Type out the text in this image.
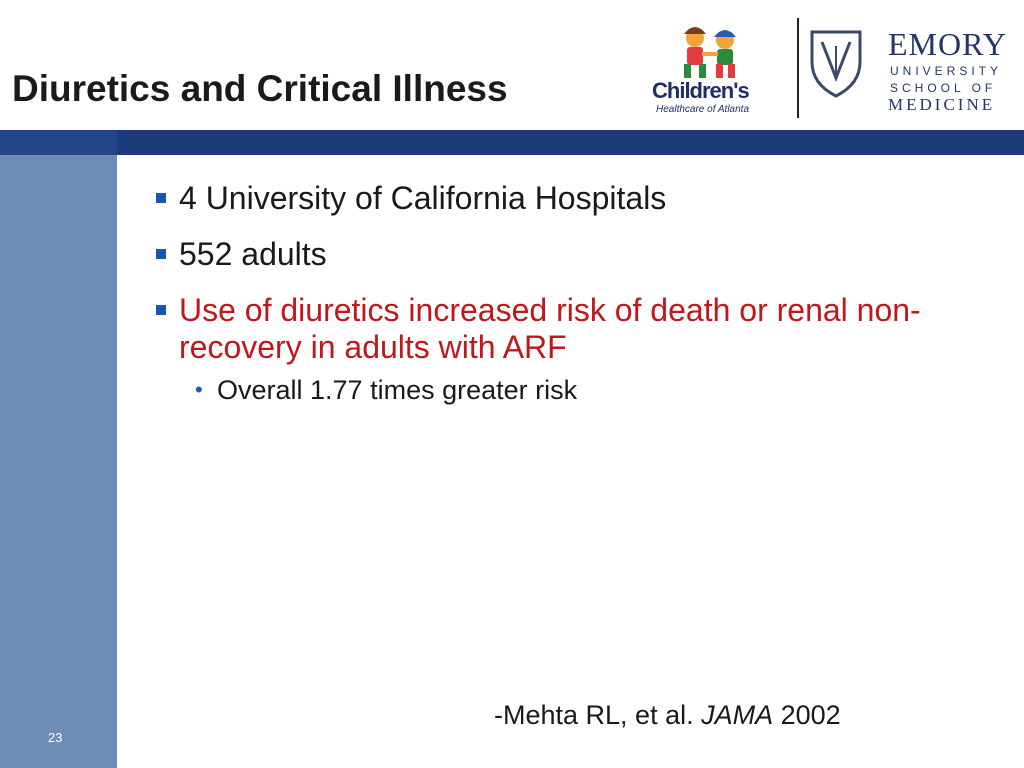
Diuretics and Critical Illness	Children's
Healthcare of Atlanta
EMORY
UNIVERSITY
SCHOOL OF
MEDICINE
23
4 University of California Hospitals
552 adults
Use of diuretics increased risk of death or renal non-recovery in adults with ARF
• Overall 1.77 times greater risk
-Mehta RL, et al. JAMA 2002
